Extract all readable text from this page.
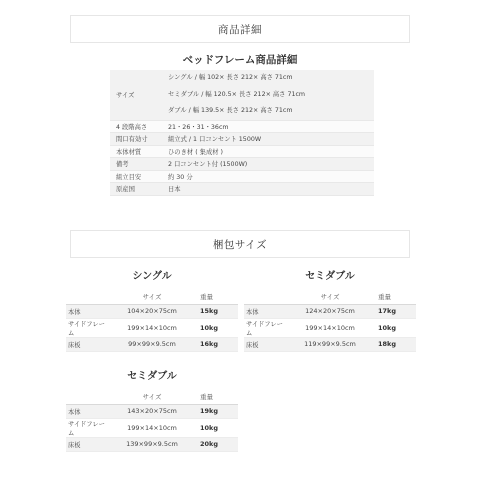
商品詳細
ベッドフレーム商品詳細
サイズ	シングル / 幅 102× 長さ 212× 高さ 71cm
セミダブル / 幅 120.5× 長さ 212× 高さ 71cm
ダブル / 幅 139.5× 長さ 212× 高さ 71cm

4 段階高さ	21・26・31・36cm
間口有効寸	組立式 / 1 口コンセント 1500W
本体材質	ひのき材 ( 集成材 )
備考	2 口コンセント付 (1500W)
組立目安	約 30 分
原産国	日本
梱包サイズ
シングル
	サイズ	重量
本体	104×20×75cm	15kg
サイドフレーム	199×14×10cm	10kg
床板	99×99×9.5cm	16kg
セミダブル
	サイズ	重量
本体	124×20×75cm	17kg
サイドフレーム	199×14×10cm	10kg
床板	119×99×9.5cm	18kg
セミダブル
	サイズ	重量
本体	143×20×75cm	19kg
サイドフレーム	199×14×10cm	10kg
床板	139×99×9.5cm	20kg
